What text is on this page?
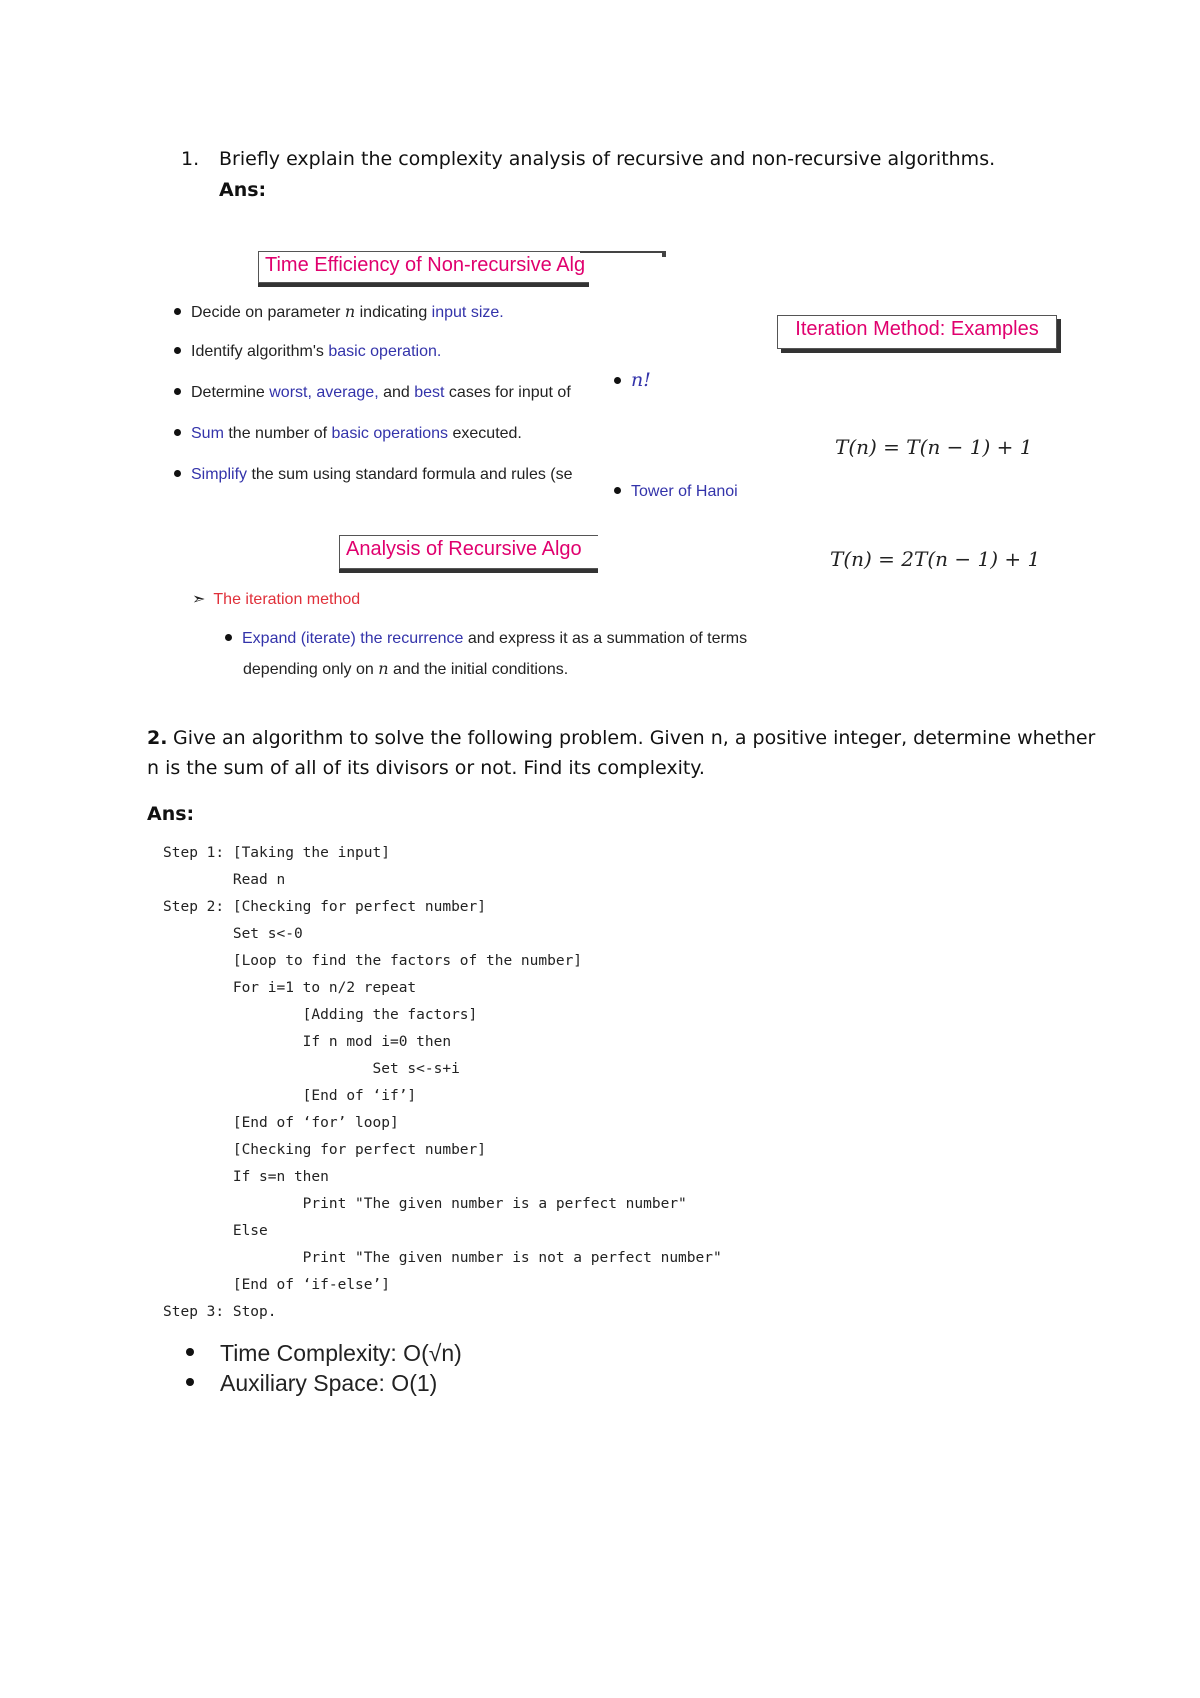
1. Briefly explain the complexity analysis of recursive and non-recursive algorithms.
Ans:
Time Efficiency of Non-recursive Alg
Decide on parameter n indicating input size.
Identify algorithm's basic operation.
Determine worst, average, and best cases for input of
Sum the number of basic operations executed.
Simplify the sum using standard formula and rules (se
Iteration Method: Examples
n!
T(n) = T(n − 1) + 1
Tower of Hanoi
T(n) = 2T(n − 1) + 1
Analysis of Recursive Algo
➣ The iteration method
Expand (iterate) the recurrence and express it as a summation of terms
depending only on n and the initial conditions.
2. Give an algorithm to solve the following problem. Given n, a positive integer, determine whether
n is the sum of all of its divisors or not. Find its complexity.
Ans:
Step 1: [Taking the input]
Read n
Step 2: [Checking for perfect number]
Set s<-0
[Loop to find the factors of the number]
For i=1 to n/2 repeat
[Adding the factors]
If n mod i=0 then
Set s<-s+i
[End of ‘if’]
[End of ‘for’ loop]
[Checking for perfect number]
If s=n then
Print "The given number is a perfect number"
Else
Print "The given number is not a perfect number"
[End of ‘if-else’]
Step 3: Stop.
Time Complexity: O(√n)
Auxiliary Space: O(1)
